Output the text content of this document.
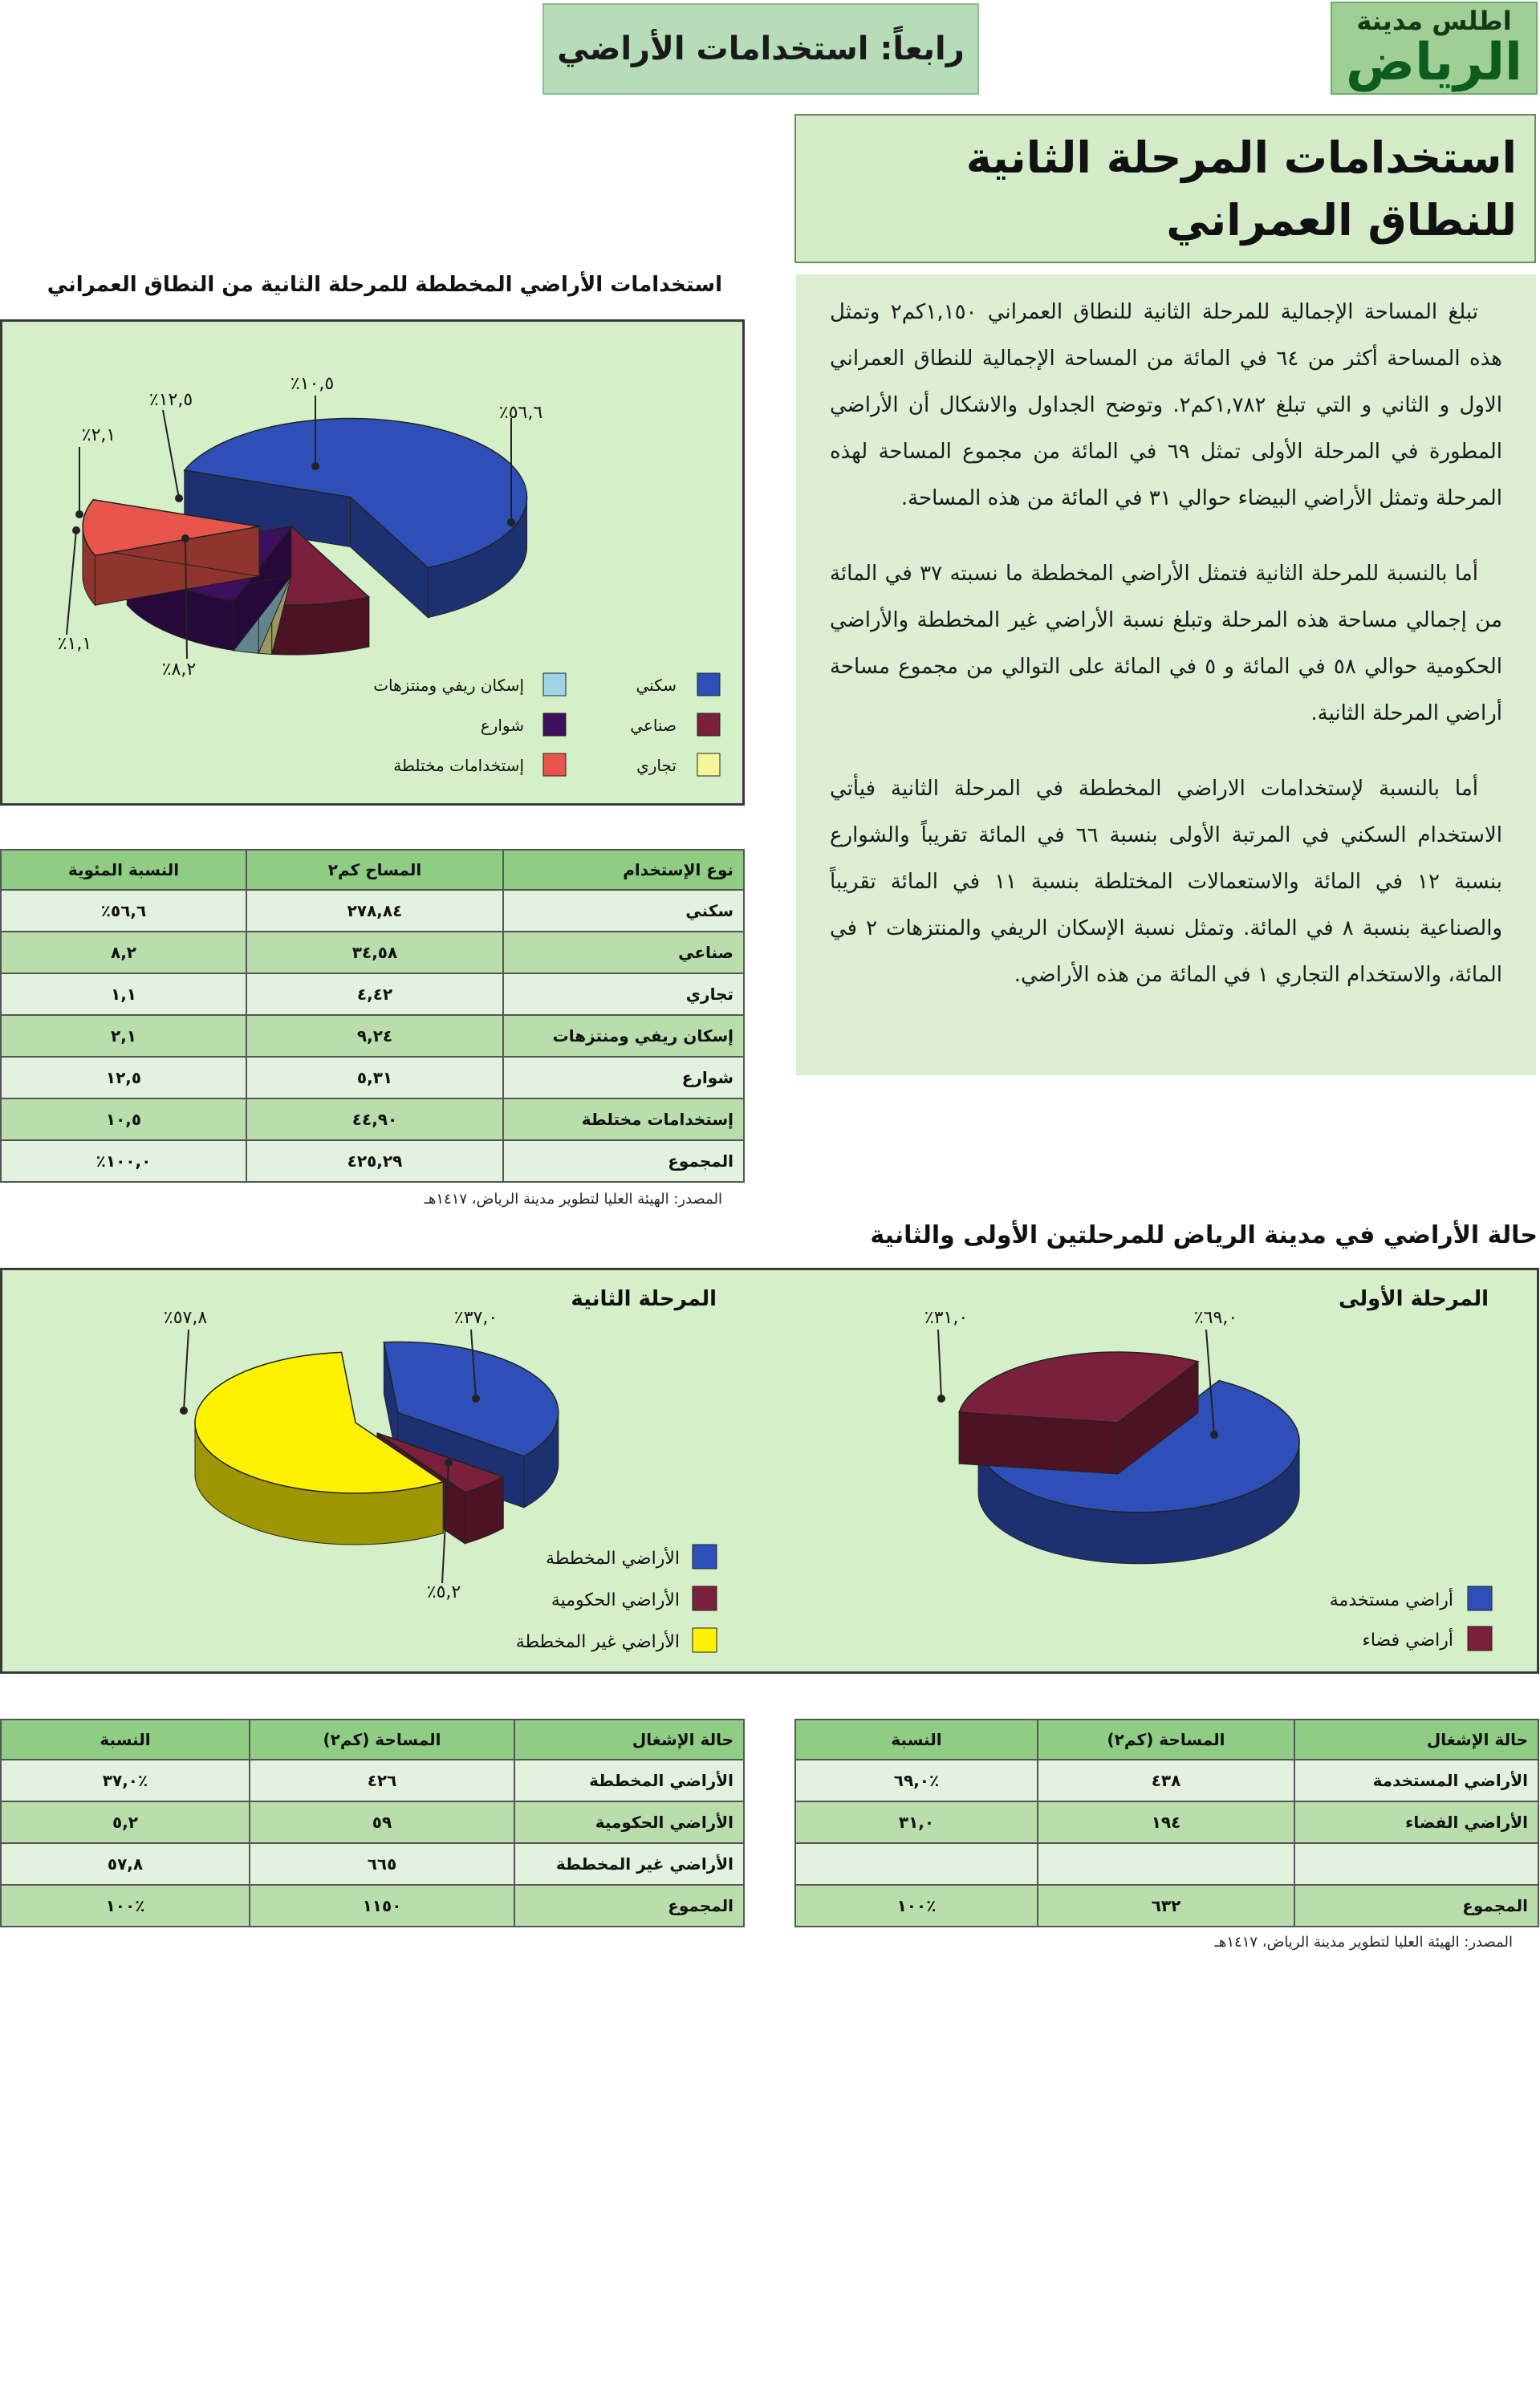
رابعاً: استخدامات الأراضي
اطلس مدينة
الرياض
استخدامات المرحلة الثانية
للنطاق العمراني

تبلغ المساحة الإجمالية للمرحلة الثانية للنطاق العمراني ١,١٥٠كم٢ وتمثل هذه المساحة أكثر من ٦٤ في المائة من المساحة الإجمالية للنطاق العمراني الاول و الثاني و التي تبلغ ١,٧٨٢كم٢. وتوضح الجداول والاشكال أن الأراضي المطورة في المرحلة الأولى تمثل ٦٩ في المائة من مجموع المساحة لهذه المرحلة وتمثل الأراضي البيضاء حوالي ٣١ في المائة من هذه المساحة.

أما بالنسبة للمرحلة الثانية فتمثل الأراضي المخططة ما نسبته ٣٧ في المائة من إجمالي مساحة هذه المرحلة وتبلغ نسبة الأراضي غير المخططة والأراضي الحكومية حوالي ٥٨ في المائة و ٥ في المائة على التوالي من مجموع مساحة أراضي المرحلة الثانية.

أما بالنسبة لإستخدامات الاراضي المخططة في المرحلة الثانية فيأتي الاستخدام السكني في المرتبة الأولى بنسبة ٦٦ في المائة تقريباً والشوارع بنسبة ١٢ في المائة والاستعمالات المختلطة بنسبة ١١ في المائة تقريباً والصناعية بنسبة ٨ في المائة. وتمثل نسبة الإسكان الريفي والمنتزهات ٢ في المائة، والاستخدام التجاري ١ في المائة من هذه الأراضي.

استخدامات الأراضي المخططة للمرحلة الثانية من النطاق العمراني
٪٥٦,٦
٪٨,٢
٪١,١
٪٢,١
٪١٢,٥
٪١٠,٥
سكني
صناعي
تجاري
إسكان ريفي ومنتزهات
شوارع
إستخدامات مختلطة
نوع الإستخدام	المساح كم٢	النسبة المئوية
سكني	٢٧٨,٨٤	٥٦,٦٪
صناعي	٣٤,٥٨	٨,٢
تجاري	٤,٤٢	١,١
إسكان ريفي ومنتزهات	٩,٢٤	٢,١
شوارع	٥,٣١	١٢,٥
إستخدامات مختلطة	٤٤,٩٠	١٠,٥
المجموع	٤٢٥,٢٩	١٠٠,٠٪
المصدر: الهيئة العليا لتطوير مدينة الرياض، ١٤١٧هـ
حالة الأراضي في مدينة الرياض للمرحلتين الأولى والثانية
المرحلة الأولى
المرحلة الثانية
٪٦٩,٠
٪٣١,٠
٪٣٧,٠
٪٥,٢
٪٥٧,٨
أراضي مستخدمة
أراضي فضاء
الأراضي المخططة
الأراضي الحكومية
الأراضي غير المخططة
حالة الإشغال	المساحة (كم٢)	النسبة
الأراضي المستخدمة	٤٣٨	٪٦٩,٠
الأراضي الفضاء	١٩٤	٣١,٠

المجموع	٦٣٢	٪١٠٠
المصدر: الهيئة العليا لتطوير مدينة الرياض، ١٤١٧هـ
حالة الإشغال	المساحة (كم٢)	النسبة
الأراضي المخططة	٤٢٦	٪٣٧,٠
الأراضي الحكومية	٥٩	٥,٢
الأراضي غير المخططة	٦٦٥	٥٧,٨
المجموع	١١٥٠	٪١٠٠
